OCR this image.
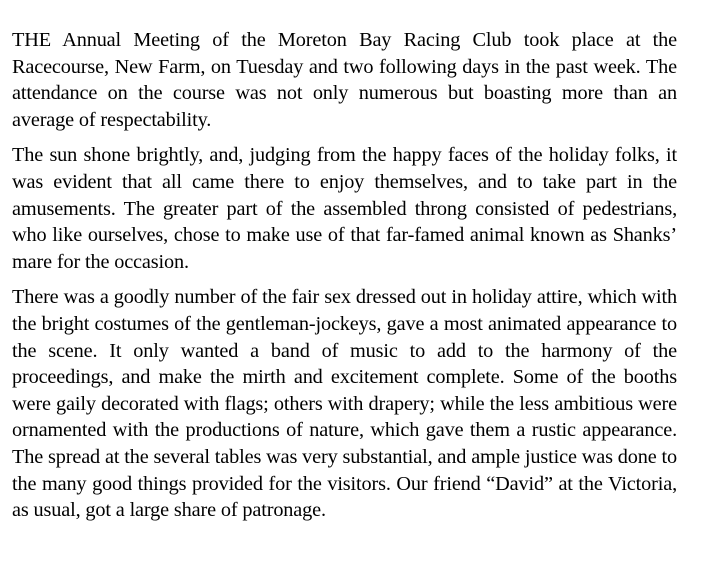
THE Annual Meeting of the Moreton Bay Racing Club took place at the Racecourse, New Farm, on Tuesday and two following days in the past week. The attendance on the course was not only numerous but boasting more than an average of respectability.

The sun shone brightly, and, judging from the happy faces of the holiday folks, it was evident that all came there to enjoy themselves, and to take part in the amusements. The greater part of the assembled throng consisted of pedestrians, who like ourselves, chose to make use of that far-famed animal known as Shanks’ mare for the occasion.

There was a goodly number of the fair sex dressed out in holiday attire, which with the bright costumes of the gentleman-jockeys, gave a most animated appearance to the scene. It only wanted a band of music to add to the harmony of the proceedings, and make the mirth and excitement complete. Some of the booths were gaily decorated with flags; others with drapery; while the less ambitious were ornamented with the productions of nature, which gave them a rustic appearance. The spread at the several tables was very substantial, and ample justice was done to the many good things provided for the visitors. Our friend “David” at the Victoria, as usual, got a large share of patronage.
